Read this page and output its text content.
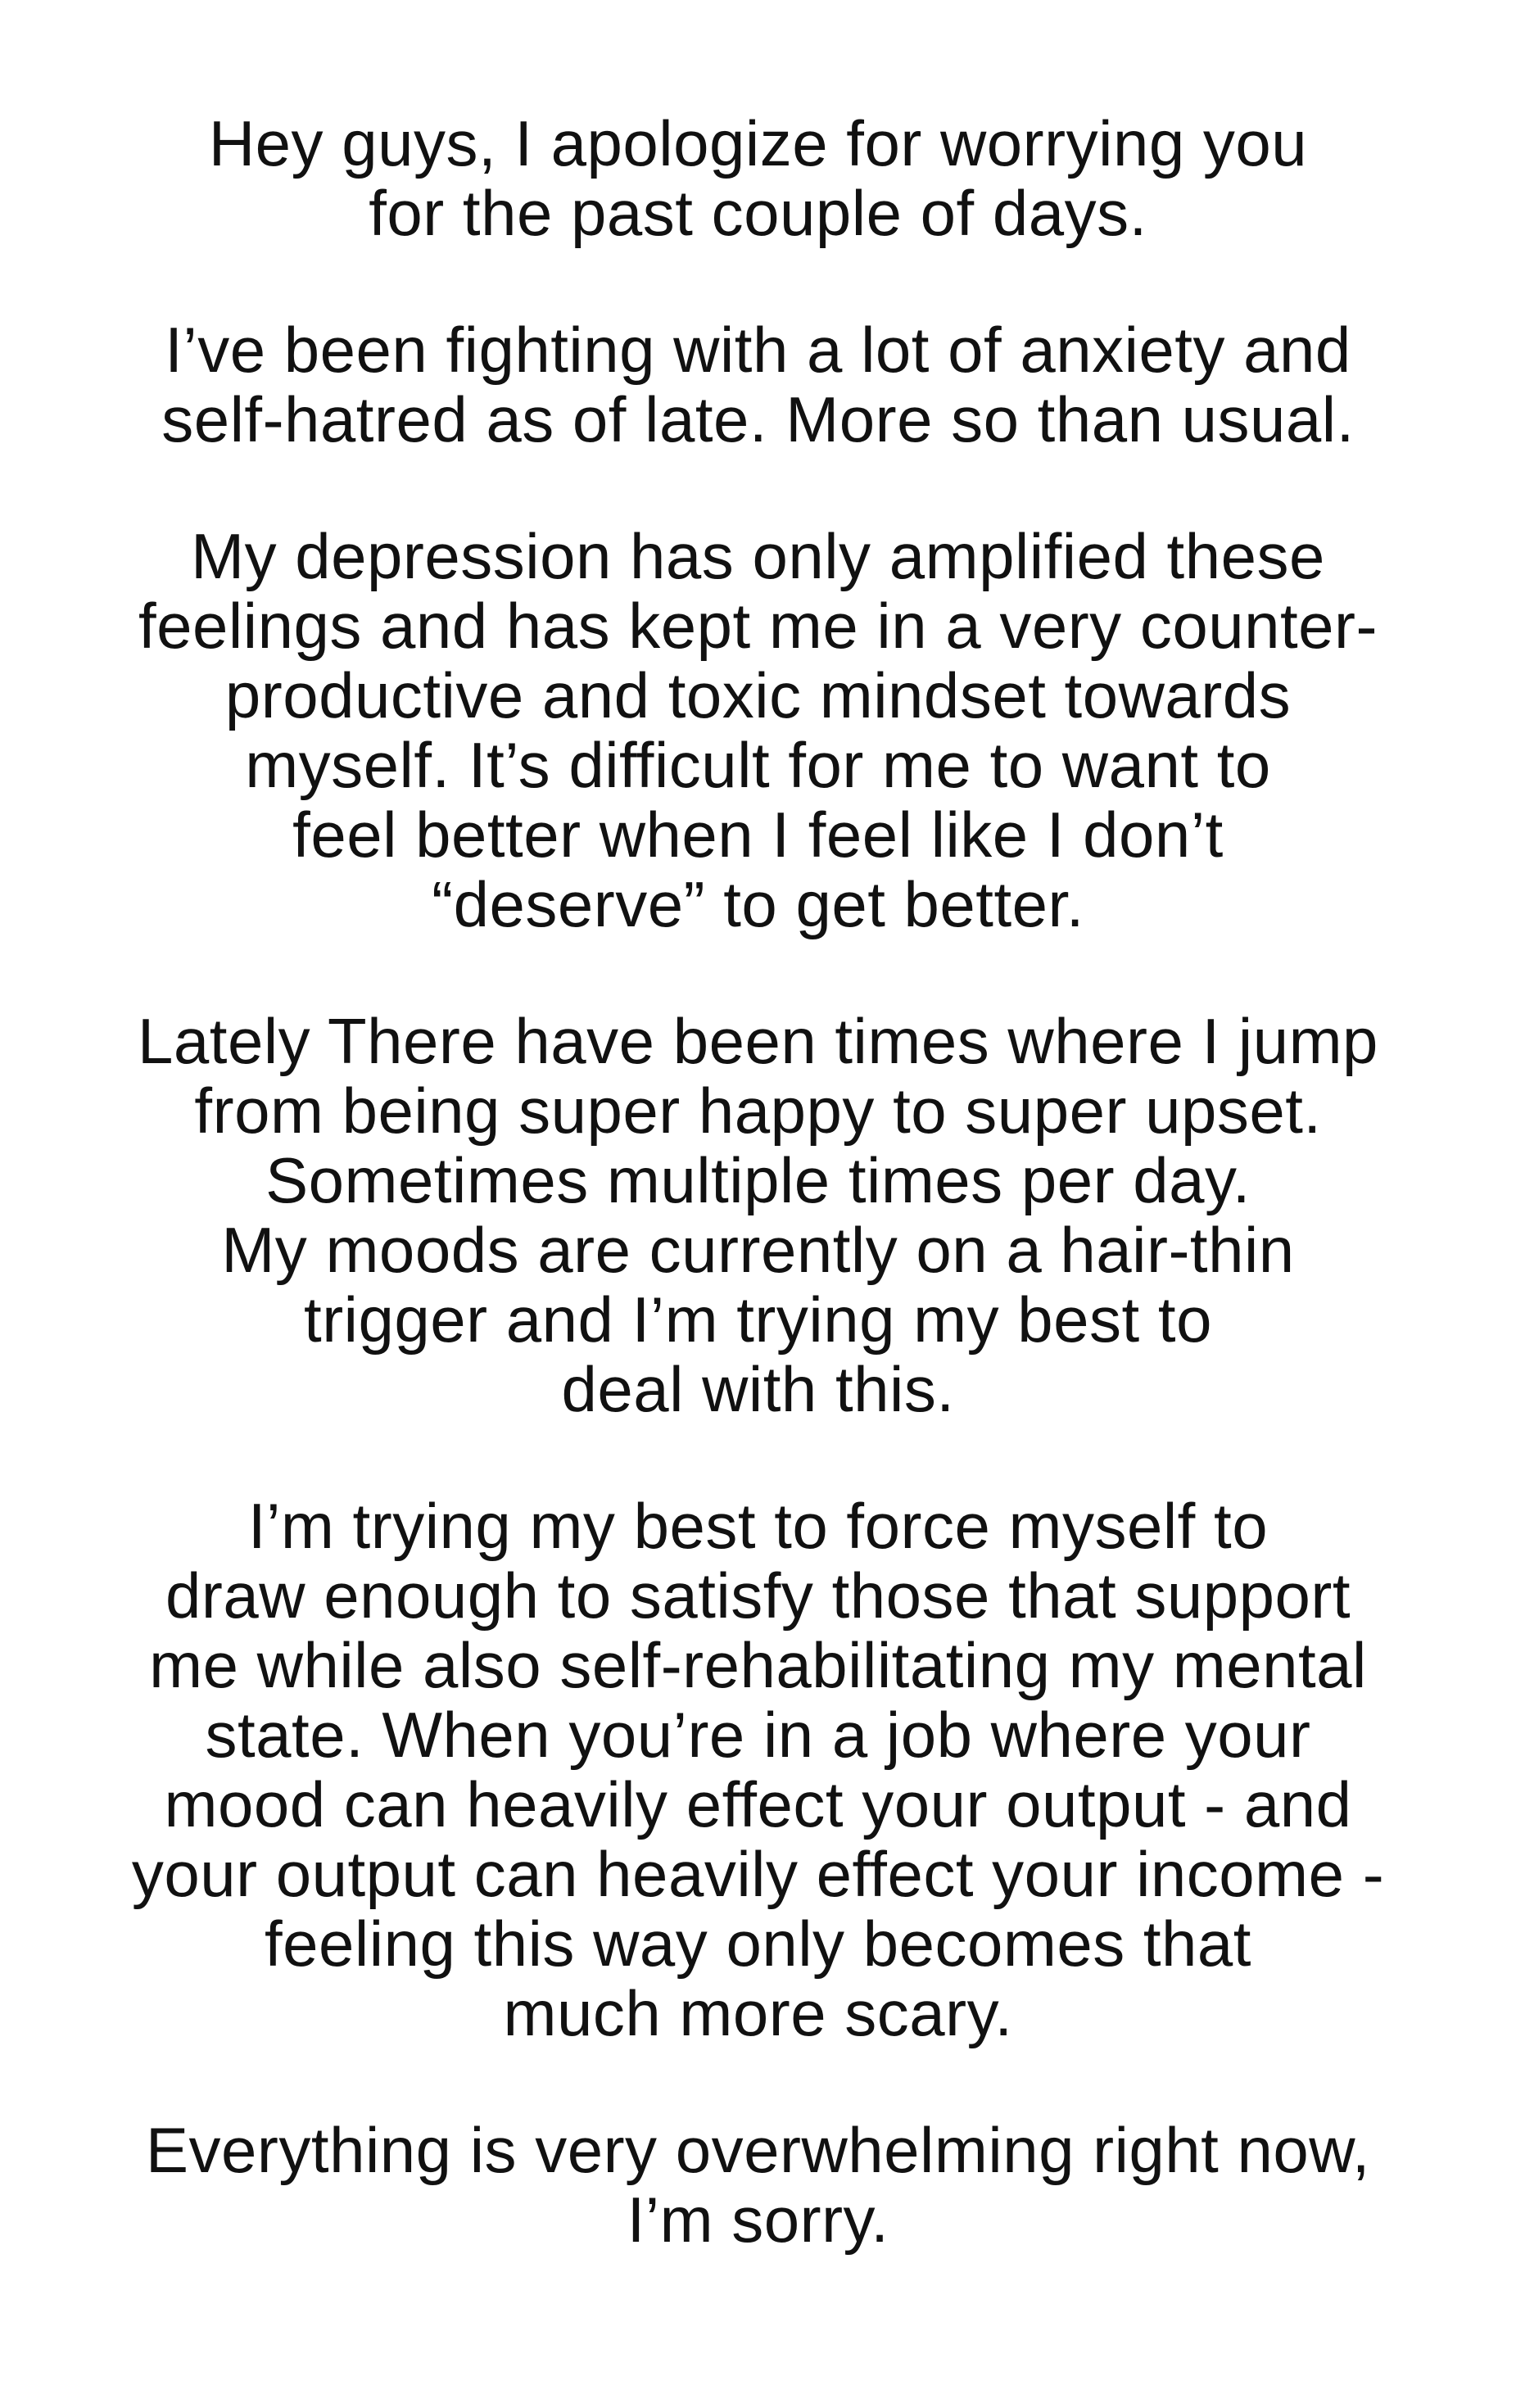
Hey guys, I apologize for worrying you
for the past couple of days.
I’ve been fighting with a lot of anxiety and
self-hatred as of late. More so than usual.
My depression has only amplified these
feelings and has kept me in a very counter-
productive and toxic mindset towards
myself. It’s difficult for me to want to
feel better when I feel like I don’t
“deserve” to get better.
Lately There have been times where I jump
from being super happy to super upset.
Sometimes multiple times per day.
My moods are currently on a hair-thin
trigger and I’m trying my best to
deal with this.
I’m trying my best to force myself to
draw enough to satisfy those that support
me while also self-rehabilitating my mental
state. When you’re in a job where your
mood can heavily effect your output - and
your output can heavily effect your income -
feeling this way only becomes that
much more scary.
Everything is very overwhelming right now,
I’m sorry.
